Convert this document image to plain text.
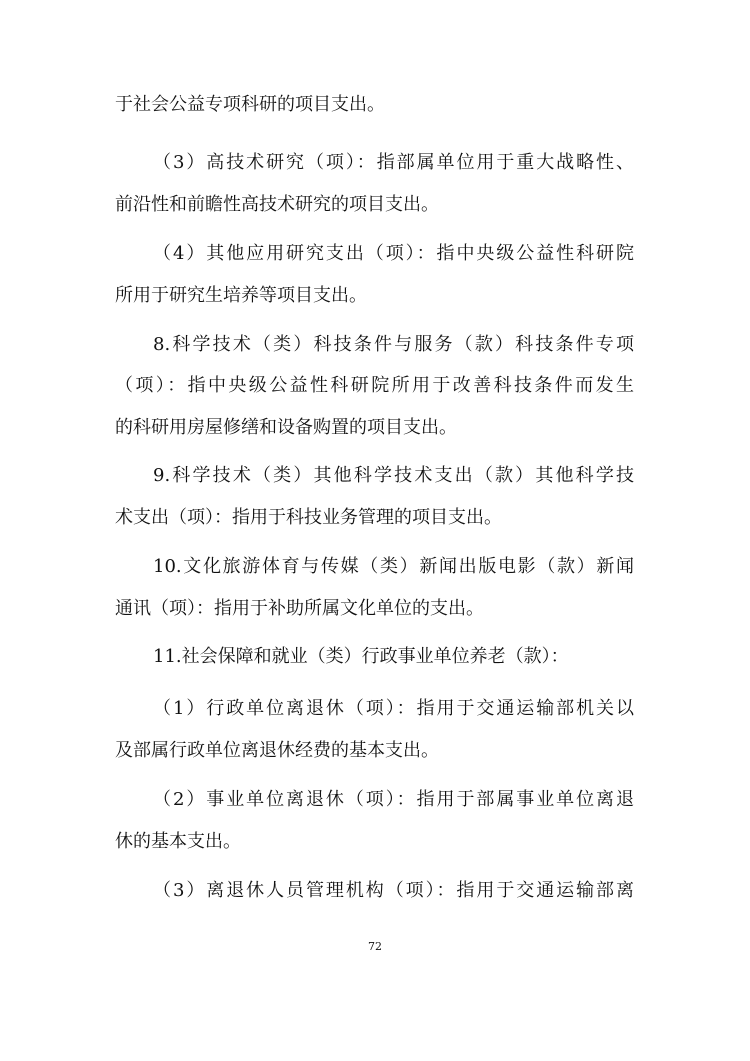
于社会公益专项科研的项目支出。
（3）高技术研究（项）：指部属单位用于重大战略性、
前沿性和前瞻性高技术研究的项目支出。
（4）其他应用研究支出（项）：指中央级公益性科研院
所用于研究生培养等项目支出。
8.科学技术（类）科技条件与服务（款）科技条件专项
（项）：指中央级公益性科研院所用于改善科技条件而发生
的科研用房屋修缮和设备购置的项目支出。
9.科学技术（类）其他科学技术支出（款）其他科学技
术支出（项）：指用于科技业务管理的项目支出。
10.文化旅游体育与传媒（类）新闻出版电影（款）新闻
通讯（项）：指用于补助所属文化单位的支出。
11.社会保障和就业（类）行政事业单位养老（款）：
（1）行政单位离退休（项）：指用于交通运输部机关以
及部属行政单位离退休经费的基本支出。
（2）事业单位离退休（项）：指用于部属事业单位离退
休的基本支出。
（3）离退休人员管理机构（项）：指用于交通运输部离
72
